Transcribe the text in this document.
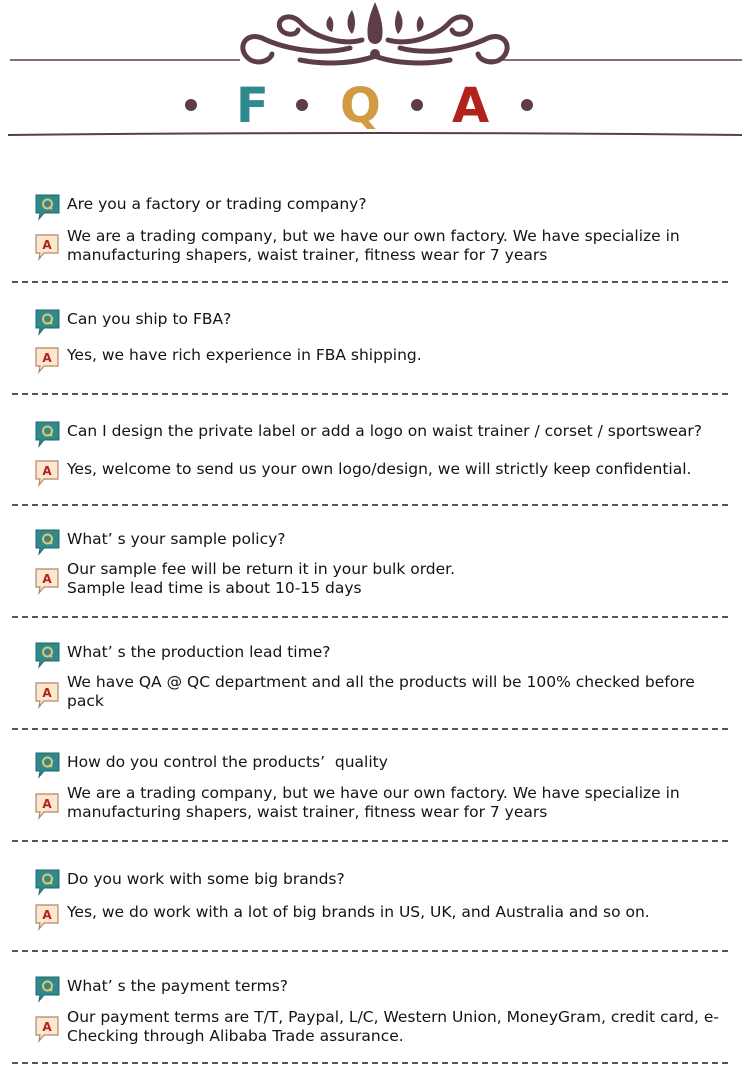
F Q A
Are you a factory or trading company?
A We are a trading company, but we have our own factory. We have specialize in manufacturing shapers, waist trainer, fitness wear for 7 years
Can you ship to FBA?
A Yes, we have rich experience in FBA shipping.
Can I design the private label or add a logo on waist trainer / corset / sportswear?
A Yes, welcome to send us your own logo/design, we will strictly keep confidential.
What’ s your sample policy?
A
Our sample fee will be return it in your bulk order.
Sample lead time is about 10-15 days
What’ s the production lead time?
A
We have QA @ QC department and all the products will be 100% checked before pack
How do you control the products’  quality
A
We are a trading company, but we have our own factory. We have specialize in manufacturing shapers, waist trainer, fitness wear for 7 years
Do you work with some big brands?
A Yes, we do work with a lot of big brands in US, UK, and Australia and so on.
What’ s the payment terms?
A
Our payment terms are T/T, Paypal, L/C, Western Union, MoneyGram, credit card, e-Checking through Alibaba Trade assurance.
